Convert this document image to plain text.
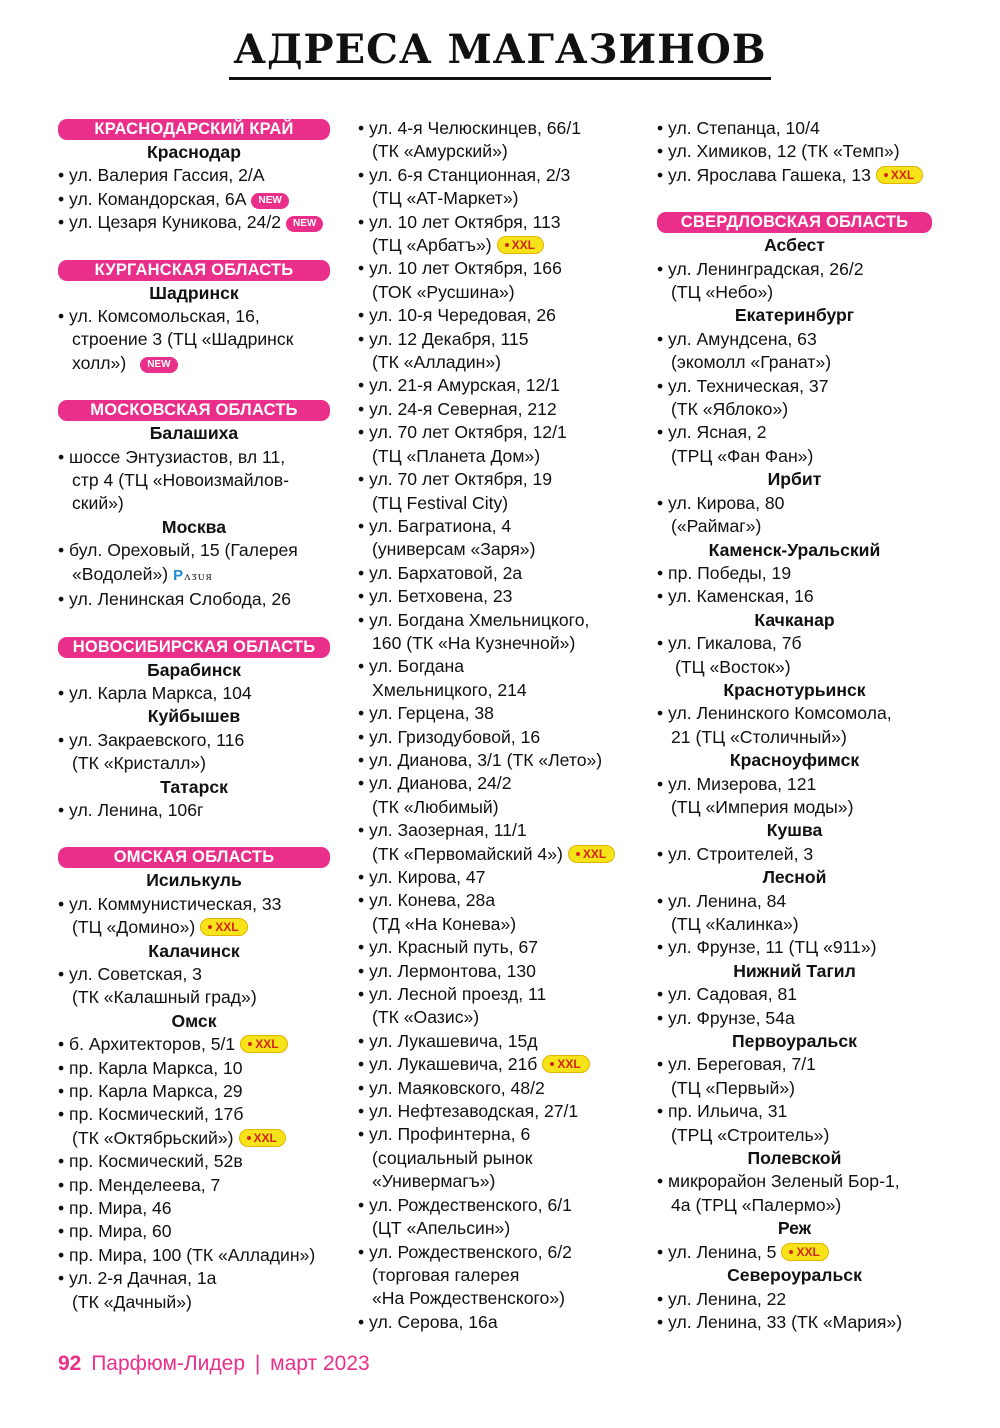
АДРЕСА МАГАЗИНОВ
КРАСНОДАРСКИЙ КРАЙ
Краснодар
• ул. Валерия Гассия, 2/А
• ул. Командорская, 6А NEW
• ул. Цезаря Куникова, 24/2 NEW
КУРГАНСКАЯ ОБЛАСТЬ
Шадринск
• ул. Комсомольская, 16,
строение 3 (ТЦ «Шадринск
холл») NEW
МОСКОВСКАЯ ОБЛАСТЬ
Балашиха
• шоссе Энтузиастов, вл 11,
стр 4 (ТЦ «Новоизмайлов-
ский»)
Москва
• бул. Ореховый, 15 (Галерея
«Водолей») Pᴧᴣᴜᴙ
• ул. Ленинская Слобода, 26
НОВОСИБИРСКАЯ ОБЛАСТЬ
Барабинск
• ул. Карла Маркса, 104
Куйбышев
• ул. Закраевского, 116
(ТК «Кристалл»)
Татарск
• ул. Ленина, 106г
ОМСКАЯ ОБЛАСТЬ
Исилькуль
• ул. Коммунистическая, 33
(ТЦ «Домино») XXL
Калачинск
• ул. Советская, 3
(ТК «Калашный град»)
Омск
• б. Архитекторов, 5/1 XXL
• пр. Карла Маркса, 10
• пр. Карла Маркса, 29
• пр. Космический, 17б
(ТК «Октябрьский») XXL
• пр. Космический, 52в
• пр. Менделеева, 7
• пр. Мира, 46
• пр. Мира, 60
• пр. Мира, 100 (ТК «Алладин»)
• ул. 2-я Дачная, 1а
(ТК «Дачный»)
• ул. 4-я Челюскинцев, 66/1
(ТК «Амурский»)
• ул. 6-я Станционная, 2/3
(ТЦ «АТ-Маркет»)
• ул. 10 лет Октября, 113
(ТЦ «Арбатъ») XXL
• ул. 10 лет Октября, 166
(ТОК «Русшина»)
• ул. 10-я Чередовая, 26
• ул. 12 Декабря, 115
(ТК «Алладин»)
• ул. 21-я Амурская, 12/1
• ул. 24-я Северная, 212
• ул. 70 лет Октября, 12/1
(ТЦ «Планета Дом»)
• ул. 70 лет Октября, 19
(ТЦ Festival City)
• ул. Багратиона, 4
(универсам «Заря»)
• ул. Бархатовой, 2а
• ул. Бетховена, 23
• ул. Богдана Хмельницкого,
160 (ТК «На Кузнечной»)
• ул. Богдана
Хмельницкого, 214
• ул. Герцена, 38
• ул. Гризодубовой, 16
• ул. Дианова, 3/1 (ТК «Лето»)
• ул. Дианова, 24/2
(ТК «Любимый)
• ул. Заозерная, 11/1
(ТК «Первомайский 4») XXL
• ул. Кирова, 47
• ул. Конева, 28а
(ТД «На Конева»)
• ул. Красный путь, 67
• ул. Лермонтова, 130
• ул. Лесной проезд, 11
(ТК «Оазис»)
• ул. Лукашевича, 15д
• ул. Лукашевича, 21б XXL
• ул. Маяковского, 48/2
• ул. Нефтезаводская, 27/1
• ул. Профинтерна, 6
(социальный рынок
«Универмагъ»)
• ул. Рождественского, 6/1
(ЦТ «Апельсин»)
• ул. Рождественского, 6/2
(торговая галерея
«На Рождественского»)
• ул. Серова, 16а
• ул. Степанца, 10/4
• ул. Химиков, 12 (ТК «Темп»)
• ул. Ярослава Гашека, 13 XXL
СВЕРДЛОВСКАЯ ОБЛАСТЬ
Асбест
• ул. Ленинградская, 26/2
(ТЦ «Небо»)
Екатеринбург
• ул. Амундсена, 63
(экомолл «Гранат»)
• ул. Техническая, 37
(ТК «Яблоко»)
• ул. Ясная, 2
(ТРЦ «Фан Фан»)
Ирбит
• ул. Кирова, 80
(«Раймаг»)
Каменск-Уральский
• пр. Победы, 19
• ул. Каменская, 16
Качканар
• ул. Гикалова, 7б
(ТЦ «Восток»)
Краснотурьинск
• ул. Ленинского Комсомола,
21 (ТЦ «Столичный»)
Красноуфимск
• ул. Мизерова, 121
(ТЦ «Империя моды»)
Кушва
• ул. Строителей, 3
Лесной
• ул. Ленина, 84
(ТЦ «Калинка»)
• ул. Фрунзе, 11 (ТЦ «911»)
Нижний Тагил
• ул. Садовая, 81
• ул. Фрунзе, 54а
Первоуральск
• ул. Береговая, 7/1
(ТЦ «Первый»)
• пр. Ильича, 31
(ТРЦ «Строитель»)
Полевской
• микрорайон Зеленый Бор-1,
4а (ТРЦ «Палермо»)
Реж
• ул. Ленина, 5 XXL
Североуральск
• ул. Ленина, 22
• ул. Ленина, 33 (ТК «Мария»)
92 Парфюм-Лидер | март 2023
